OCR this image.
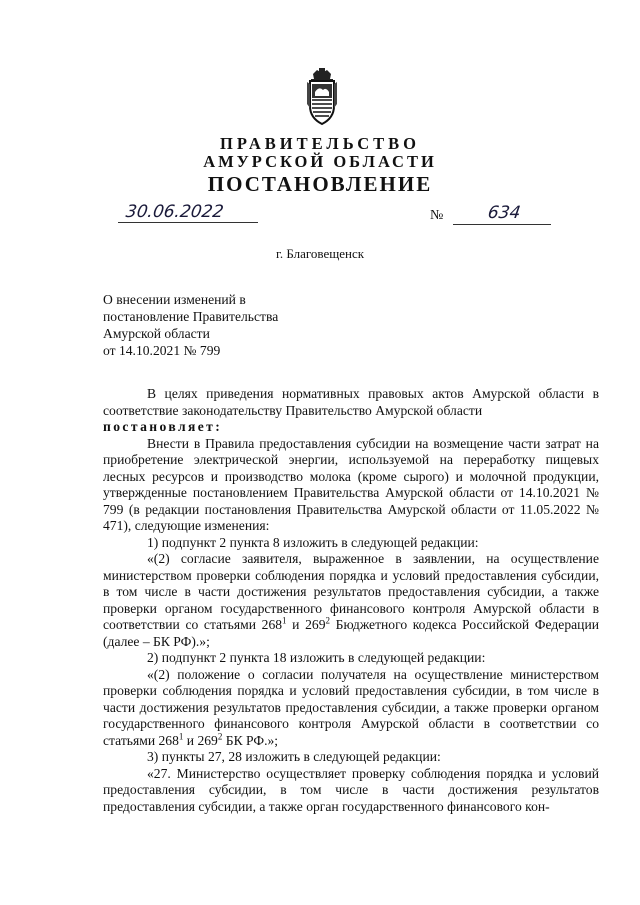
ПРАВИТЕЛЬСТВО
АМУРСКОЙ ОБЛАСТИ
ПОСТАНОВЛЕНИЕ
30.06.2022	№	634
г. Благовещенск
О внесении изменений в
постановление Правительства
Амурской области
от 14.10.2021 № 799

В целях приведения нормативных правовых актов Амурской области в соответствие законодательству Правительство Амурской области

постановляет:

Внести в Правила предоставления субсидии на возмещение части затрат на приобретение электрической энергии, используемой на переработку пищевых лесных ресурсов и производство молока (кроме сырого) и молочной продукции, утвержденные постановлением Правительства Амурской области от 14.10.2021 № 799 (в редакции постановления Правительства Амурской области от 11.05.2022 № 471), следующие изменения:

1) подпункт 2 пункта 8 изложить в следующей редакции:

«(2) согласие заявителя, выраженное в заявлении, на осуществление министерством проверки соблюдения порядка и условий предоставления субсидии, в том числе в части достижения результатов предоставления субсидии, а также проверки органом государственного финансового контроля Амурской области в соответствии со статьями $268^1$ и $269^2$ Бюджетного кодекса Российской Федерации (далее – БК РФ).»;

2) подпункт 2 пункта 18 изложить в следующей редакции:

«(2) положение о согласии получателя на осуществление министерством проверки соблюдения порядка и условий предоставления субсидии, в том числе в части достижения результатов предоставления субсидии, а также проверки органом государственного финансового контроля Амурской области в соответствии со статьями $268^1$ и $269^2$ БК РФ.»;

3) пункты 27, 28 изложить в следующей редакции:

«27. Министерство осуществляет проверку соблюдения порядка и условий предоставления субсидии, в том числе в части достижения результатов предоставления субсидии, а также орган государственного финансового кон-
